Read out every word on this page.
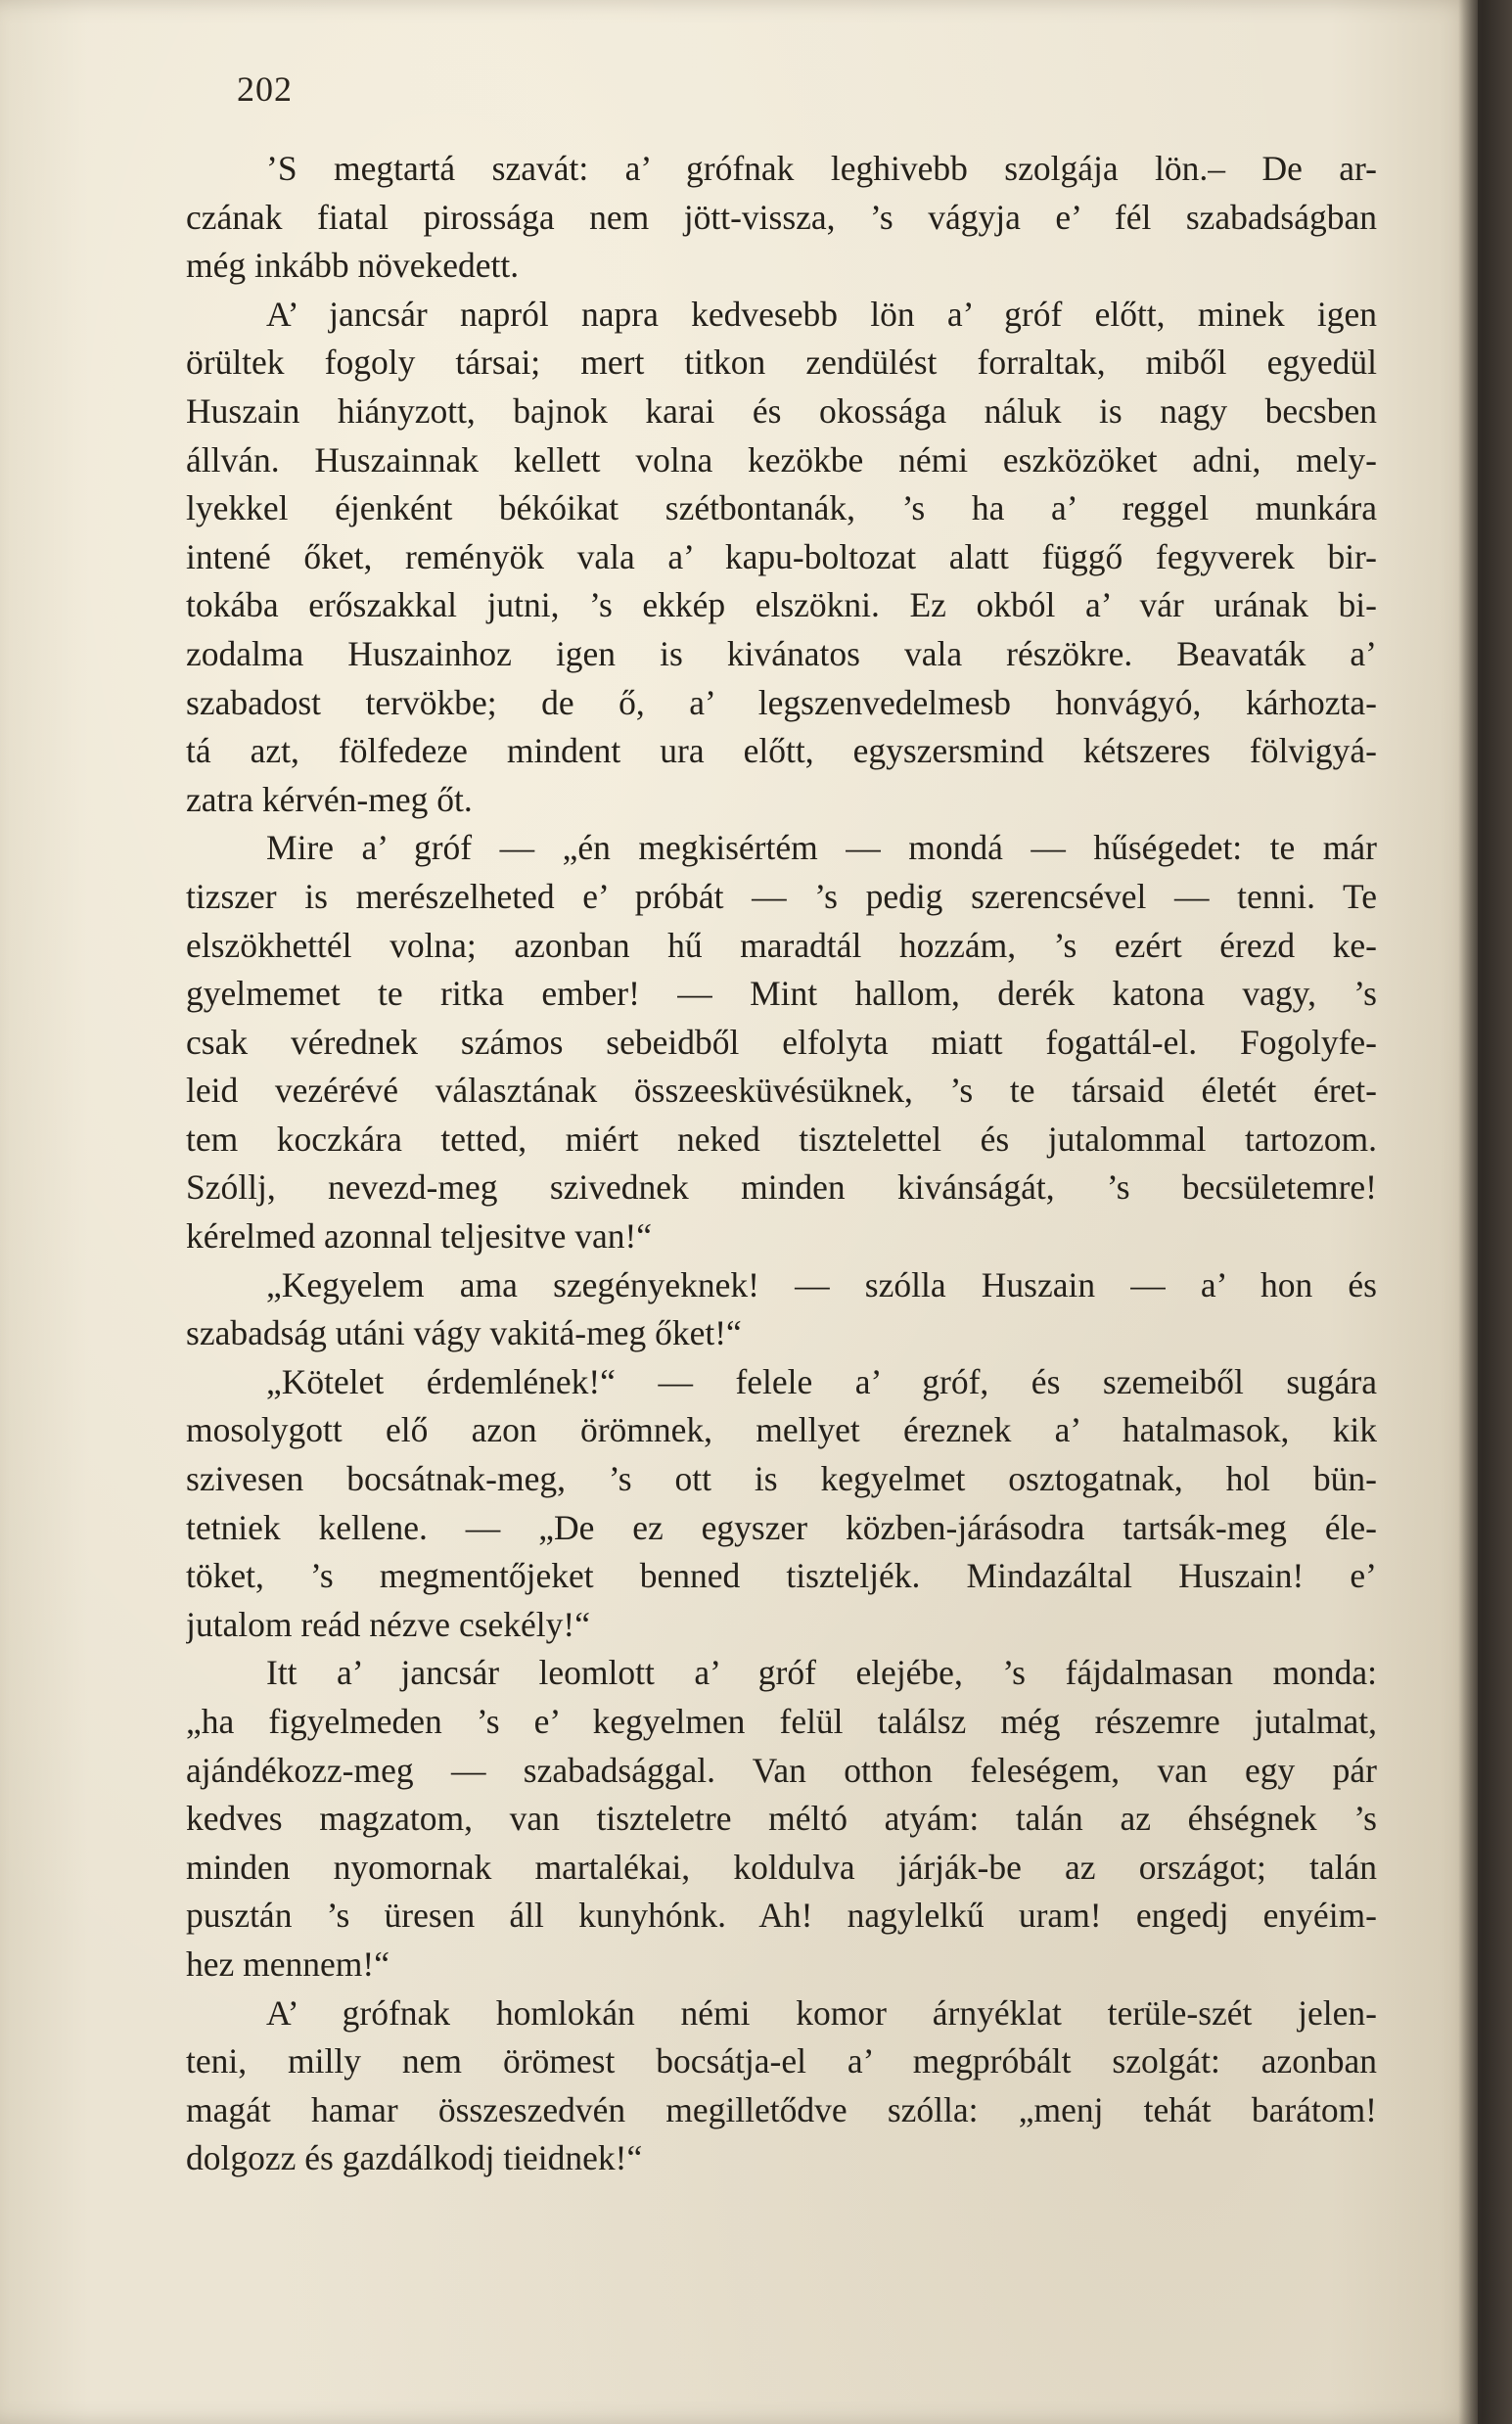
202
’S megtartá szavát: a’ grófnak leghivebb szolgája lön.– De ar-
czának fiatal pirossága nem jött-vissza, ’s vágyja e’ fél szabadságban
még inkább növekedett.
A’ jancsár napról napra kedvesebb lön a’ gróf előtt, minek igen
örültek fogoly társai; mert titkon zendülést forraltak, miből egyedül
Huszain hiányzott, bajnok karai és okossága náluk is nagy becsben
állván. Huszainnak kellett volna kezökbe némi eszközöket adni, mely-
lyekkel éjenként békóikat szétbontanák, ’s ha a’ reggel munkára
intené őket, reményök vala a’ kapu-boltozat alatt függő fegyverek bir-
tokába erőszakkal jutni, ’s ekkép elszökni. Ez okból a’ vár urának bi-
zodalma Huszainhoz igen is kivánatos vala részökre. Beavaták a’
szabadost tervökbe; de ő, a’ legszenvedelmesb honvágyó, kárhozta-
tá azt, fölfedeze mindent ura előtt, egyszersmind kétszeres fölvigyá-
zatra kérvén-meg őt.
Mire a’ gróf — „én megkisértém — mondá — hűségedet: te már
tizszer is merészelheted e’ próbát — ’s pedig szerencsével — tenni. Te
elszökhettél volna; azonban hű maradtál hozzám, ’s ezért érezd ke-
gyelmemet te ritka ember! — Mint hallom, derék katona vagy, ’s
csak vérednek számos sebeidből elfolyta miatt fogattál-el. Fogolyfe-
leid vezérévé választának összeesküvésüknek, ’s te társaid életét éret-
tem koczkára tetted, miért neked tisztelettel és jutalommal tartozom.
Szóllj, nevezd-meg szivednek minden kivánságát, ’s becsületemre!
kérelmed azonnal teljesitve van!“
„Kegyelem ama szegényeknek! — szólla Huszain — a’ hon és
szabadság utáni vágy vakitá-meg őket!“
„Kötelet érdemlének!“ — felele a’ gróf, és szemeiből sugára
mosolygott elő azon örömnek, mellyet éreznek a’ hatalmasok, kik
szivesen bocsátnak-meg, ’s ott is kegyelmet osztogatnak, hol bün-
tetniek kellene. — „De ez egyszer közben-járásodra tartsák-meg éle-
töket, ’s megmentőjeket benned tiszteljék. Mindazáltal Huszain! e’
jutalom reád nézve csekély!“
Itt a’ jancsár leomlott a’ gróf elejébe, ’s fájdalmasan monda:
„ha figyelmeden ’s e’ kegyelmen felül találsz még részemre jutalmat,
ajándékozz-meg — szabadsággal. Van otthon feleségem, van egy pár
kedves magzatom, van tiszteletre méltó atyám: talán az éhségnek ’s
minden nyomornak martalékai, koldulva járják-be az országot; talán
pusztán ’s üresen áll kunyhónk. Ah! nagylelkű uram! engedj enyéim-
hez mennem!“
A’ grófnak homlokán némi komor árnyéklat terüle-szét jelen-
teni, milly nem örömest bocsátja-el a’ megpróbált szolgát: azonban
magát hamar összeszedvén megilletődve szólla: „menj tehát barátom!
dolgozz és gazdálkodj tieidnek!“
